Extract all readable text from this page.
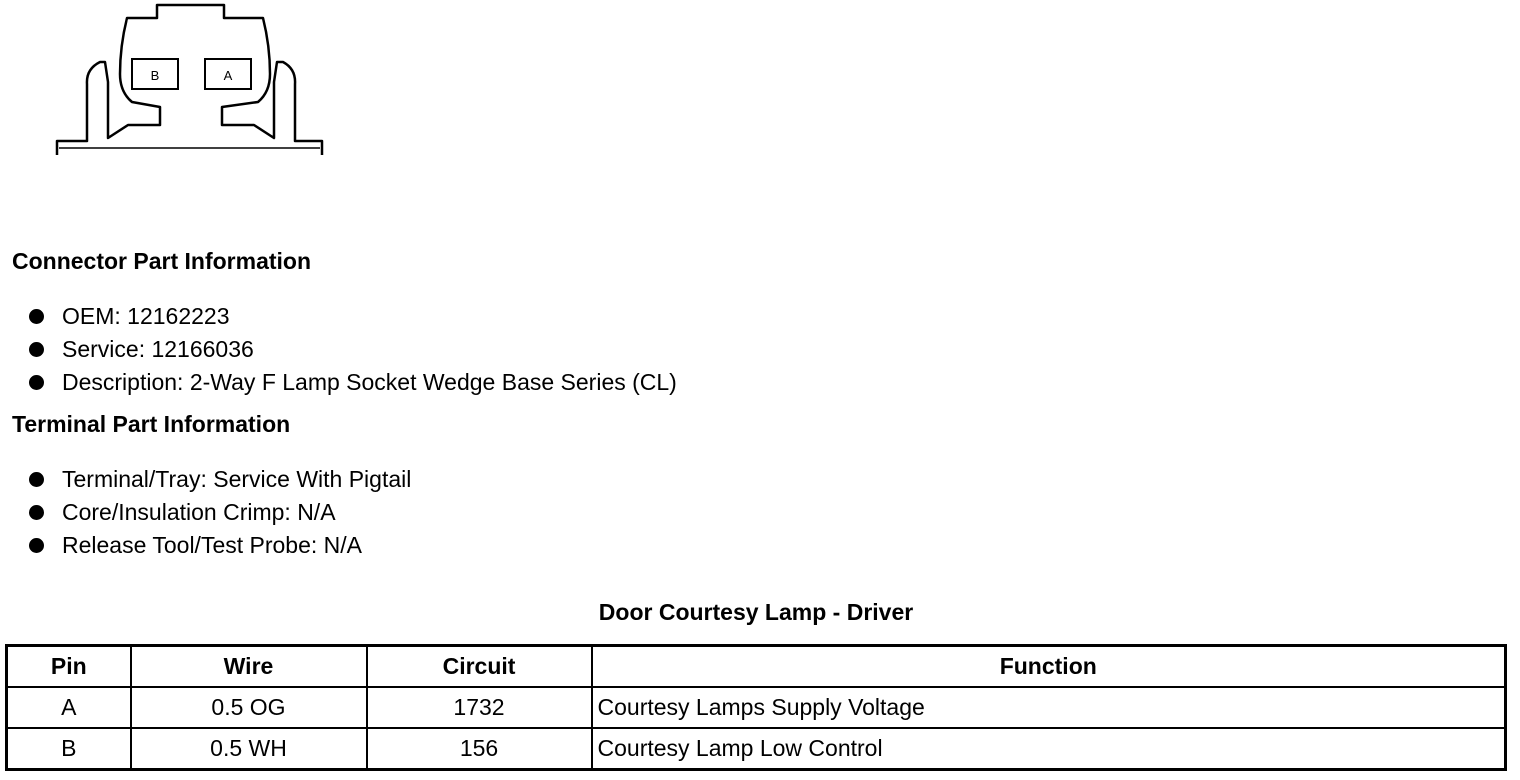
B	A
Connector Part Information
OEM: 12162223
Service: 12166036
Description: 2-Way F Lamp Socket Wedge Base Series (CL)
Terminal Part Information
Terminal/Tray: Service With Pigtail
Core/Insulation Crimp: N/A
Release Tool/Test Probe: N/A
Door Courtesy Lamp - Driver
Pin	Wire	Circuit	Function
A	0.5 OG	1732	Courtesy Lamps Supply Voltage
B	0.5 WH	156	Courtesy Lamp Low Control
